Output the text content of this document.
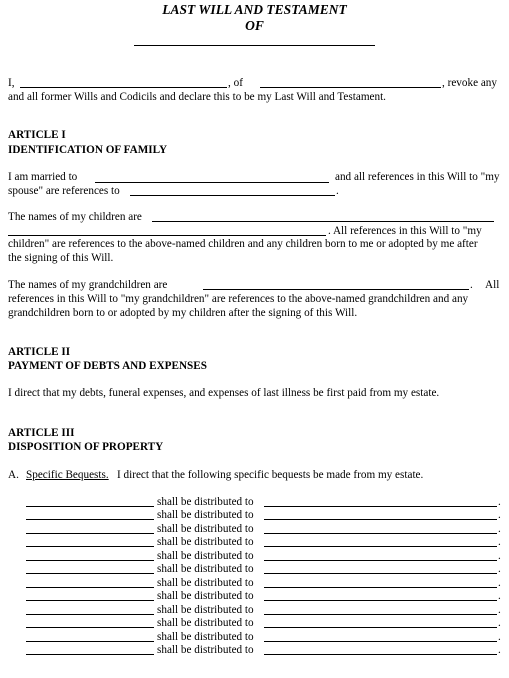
LAST WILL AND TESTAMENT
OF
I,	, of	, revoke any
and all former Wills and Codicils and declare this to be my Last Will and Testament.
ARTICLE I
IDENTIFICATION OF FAMILY
I am married to	and all references in this Will to "my
spouse" are references to	.
The names of my children are
. All references in this Will to "my
children" are references to the above-named children and any children born to me or adopted by me after
the signing of this Will.
The names of my grandchildren are	. All
references in this Will to "my grandchildren" are references to the above-named grandchildren and any
grandchildren born to or adopted by my children after the signing of this Will.
ARTICLE II
PAYMENT OF DEBTS AND EXPENSES
I direct that my debts, funeral expenses, and expenses of last illness be first paid from my estate.
ARTICLE III
DISPOSITION OF PROPERTY
A. Specific Bequests. I direct that the following specific bequests be made from my estate.
shall be distributed to	.
shall be distributed to	.
shall be distributed to	.
shall be distributed to	.
shall be distributed to	.
shall be distributed to	.
shall be distributed to	.
shall be distributed to	.
shall be distributed to	.
shall be distributed to	.
shall be distributed to	.
shall be distributed to	.
